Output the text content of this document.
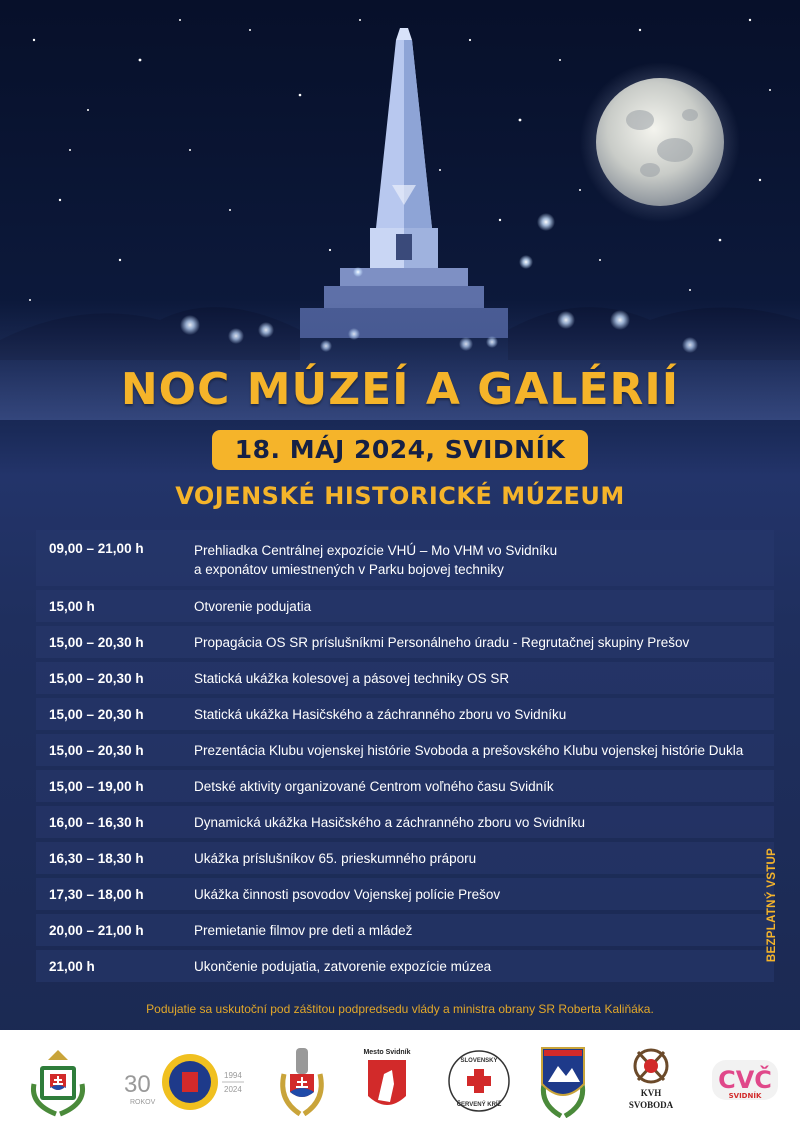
NOC MÚZEÍ A GALÉRIÍ
18. MÁJ 2024, SVIDNÍK
VOJENSKÉ HISTORICKÉ MÚZEUM
09,00 – 21,00 h	Prehliadka Centrálnej expozície VHÚ – Mo VHM vo Svidníku
a exponátov umiestnených v Parku bojovej techniky
15,00 h	Otvorenie podujatia
15,00 – 20,30 h	Propagácia OS SR príslušníkmi Personálneho úradu - Regrutačnej skupiny Prešov
15,00 – 20,30 h	Statická ukážka kolesovej a pásovej techniky OS SR
15,00 – 20,30 h	Statická ukážka Hasičského a záchranného zboru vo Svidníku
15,00 – 20,30 h	Prezentácia Klubu vojenskej histórie Svoboda a prešovského Klubu vojenskej histórie Dukla
15,00 – 19,00 h	Detské aktivity organizované Centrom voľného času Svidník
16,00 – 16,30 h	Dynamická ukážka Hasičského a záchranného zboru vo Svidníku
16,30 – 18,30 h	Ukážka príslušníkov 65. prieskumného práporu
17,30 – 18,00 h	Ukážka činnosti psovodov Vojenskej polície Prešov
20,00 – 21,00 h	Premietanie filmov pre deti a mládež
21,00 h	Ukončenie podujatia, zatvorenie expozície múzea
BEZPLATNÝ VSTUP
Podujatie sa uskutoční pod záštitou podpredsedu vlády a ministra obrany SR Roberta Kaliňáka.
30
ROKOV
1994
2024
Mesto Svidník
SLOVENSKÝ
ČERVENÝ KRÍŽ
KVH
SVOBODA
CVČ
SVIDNÍK
